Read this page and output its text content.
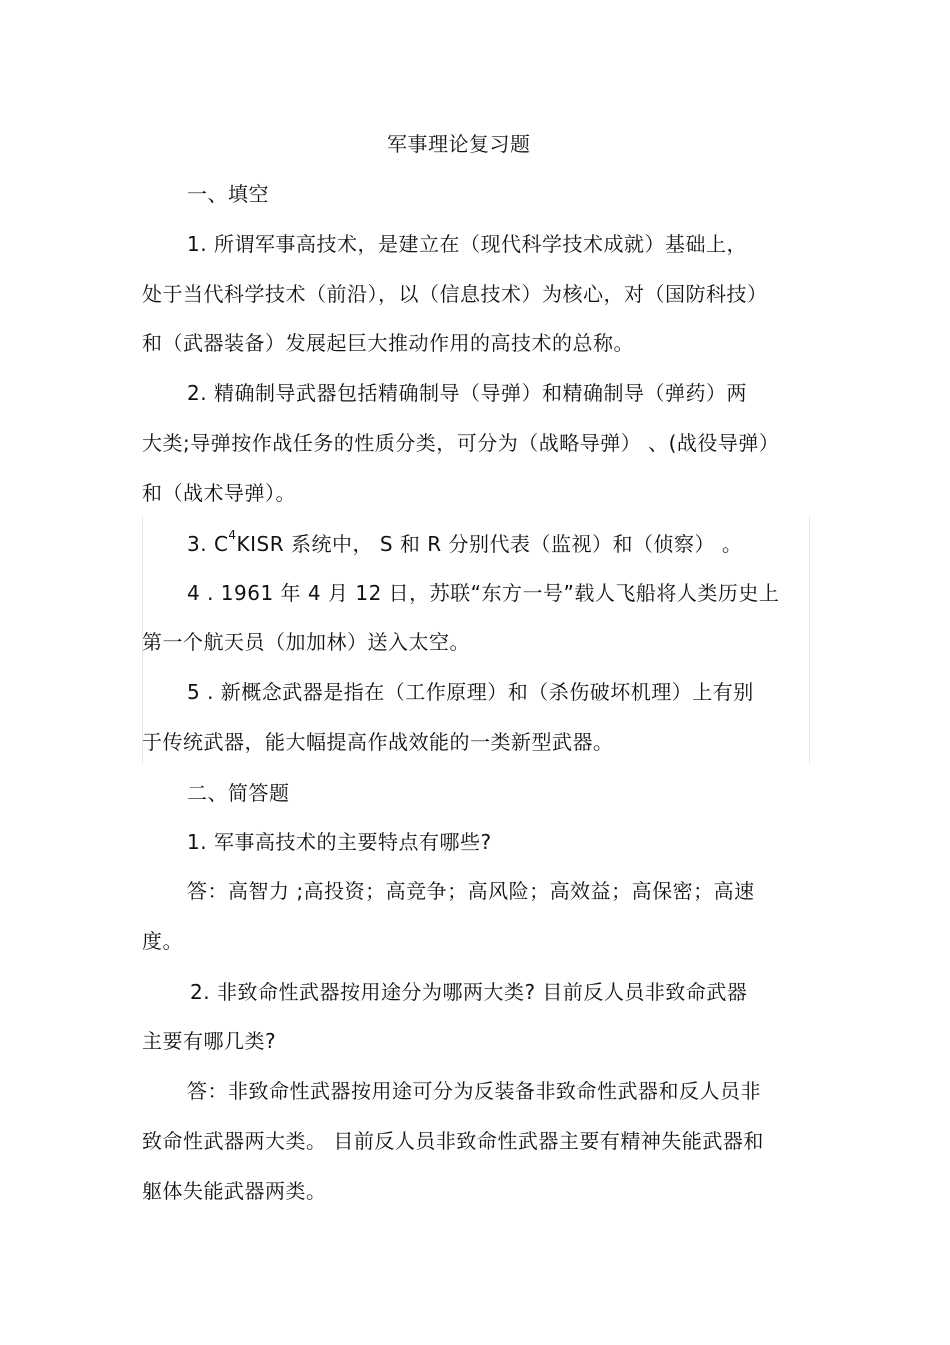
军事理论复习题
一、填空
1. 所谓军事高技术，是建立在（现代科学技术成就）基础上，
处于当代科学技术（前沿），以（信息技术）为核心，对（国防科技）
和（武器装备）发展起巨大推动作用的高技术的总称。
2. 精确制导武器包括精确制导（导弹）和精确制导（弹药）两
大类;导弹按作战任务的性质分类，可分为（战略导弹） 、(战役导弹）
和（战术导弹）。
3. $C^4KISR$ 系统中， S 和 R 分别代表（监视）和（侦察） 。
4 . 1961 年 4 月 12 日，苏联“东方一号”载人飞船将人类历史上
第一个航天员（加加林）送入太空。
5 . 新概念武器是指在（工作原理）和（杀伤破坏机理）上有别
于传统武器，能大幅提高作战效能的一类新型武器。
二、简答题
1. 军事高技术的主要特点有哪些?
答：高智力 ;高投资；高竞争；高风险；高效益；高保密；高速
度。
2. 非致命性武器按用途分为哪两大类? 目前反人员非致命武器
主要有哪几类?
答：非致命性武器按用途可分为反装备非致命性武器和反人员非
致命性武器两大类。 目前反人员非致命性武器主要有精神失能武器和
躯体失能武器两类。
